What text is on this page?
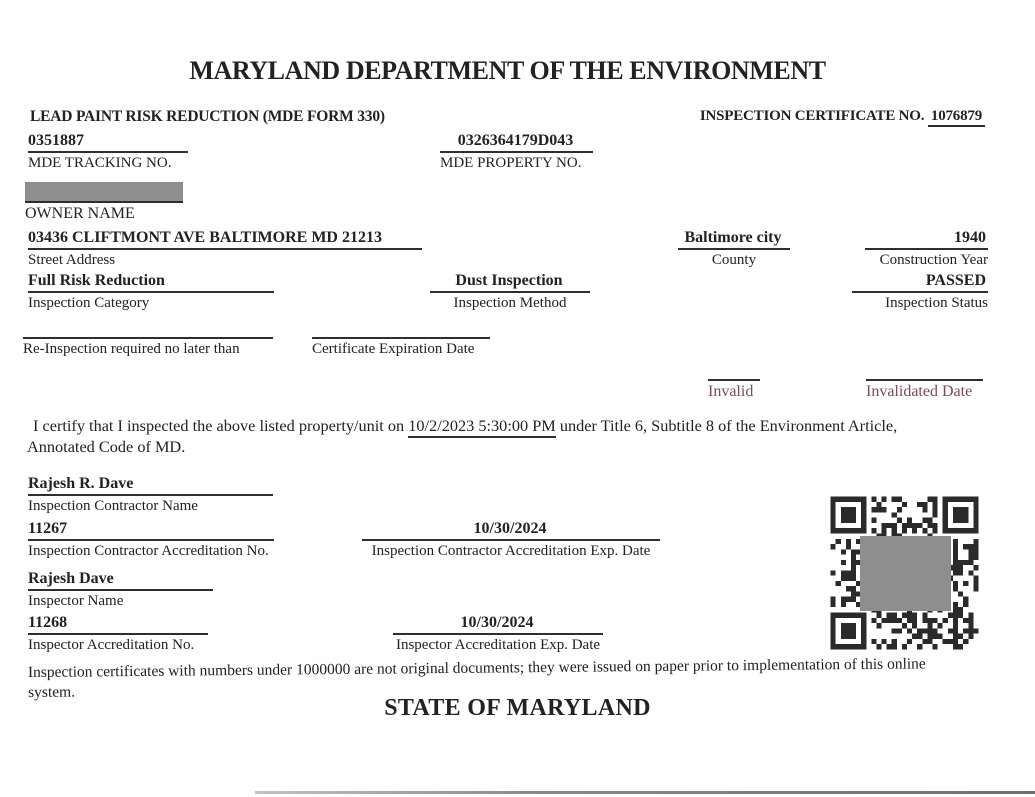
MARYLAND DEPARTMENT OF THE ENVIRONMENT
LEAD PAINT RISK REDUCTION (MDE FORM 330)	INSPECTION CERTIFICATE NO. 1076879
0351887
MDE TRACKING NO.
0326364179D043
MDE PROPERTY NO.
OWNER NAME
03436 CLIFTMONT AVE BALTIMORE MD 21213
Street Address
Baltimore city
County
1940
Construction Year
Full Risk Reduction
Inspection Category
Dust Inspection
Inspection Method
PASSED
Inspection Status
Re-Inspection required no later than	Certificate Expiration Date
Invalid	Invalidated Date
I certify that I inspected the above listed property/unit on 10/2/2023 5:30:00 PM under Title 6, Subtitle 8 of the Environment Article,
Annotated Code of MD.
Rajesh R. Dave
Inspection Contractor Name
11267
Inspection Contractor Accreditation No.
10/30/2024
Inspection Contractor Accreditation Exp. Date
Rajesh Dave
Inspector Name
11268
Inspector Accreditation No.
10/30/2024
Inspector Accreditation Exp. Date
Inspection certificates with numbers under 1000000 are not original documents; they were issued on paper prior to implementation of this online
system.
STATE OF MARYLAND
